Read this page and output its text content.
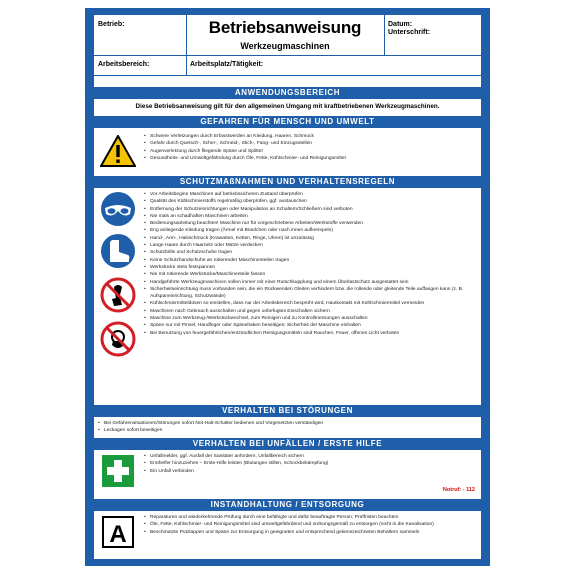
Betrieb:	Betriebsanweisung
Werkzeugmaschinen
Datum:
Unterschrift:
Arbeitsbereich:	Arbeitsplatz/Tätigkeit:
ANWENDUNGSBEREICH
Diese Betriebsanweisung gilt für den allgemeinen Umgang mit kraftbetriebenen Werkzeugmaschinen.
GEFAHREN FÜR MENSCH UND UMWELT
• Schwere Verletzungen durch Erfasstwerden an Kleidung, Haaren, Schmuck
• Gefahr durch Quetsch-, Scher-, Schneid-, Stich-, Fang- und Einzugsstellen
• Augenverletzung durch fliegende Späne und Splitter
• Gesundheits- und Umweltgefährdung durch Öle, Fette, Kühlschmier- und Reinigungsmittel
SCHUTZMAßNAHMEN UND VERHALTENSREGELN
• Vor Arbeitsbeginn Maschinen auf betriebssicheren Zustand überprüfen
• Qualität des Kühlschmierstoffs regelmäßig überprüfen, ggf. austauschen
• Entfernung der Schutzeinrichtungen oder Manipulation an Schaltern/Schließern sind verboten
• Nie mals an schadhaften Maschinen arbeiten
• Bedienungsanleitung beachten! Maschine nur für vorgeschriebene Arbeiten/Werkstoffe verwenden
• Eng anliegende Kleidung tragen (Ärmel mit Bündchen oder nach innen aufkrempeln)
• Hand-, Arm-, Halsschmuck (Krawatten, Ketten, Ringe, Uhren) ist unzulässig
• Lange Haare durch Haarnetz oder Mütze verdecken
• Schutzbrille und Schutzschuhe tragen
• Keine Schutzhandschuhe an rotierender Maschinenteilen tragen
• Werkstücke stets festspannen
• Nie mit rotierende Werkstücke/Maschinenteile fassen
• Handgeführte Werkzeugmaschinen sollen immer mit einer Rutschkupplung und einem Überlastschutz ausgestattet sein
• Sicherheitseinrichtung muss vorhanden sein, die ein Rückwenden Gleiten verhindern bzw. die rollende oder gleitende Teile auffangen kann (z. B. Aufspaneinrichtung, Schutzwände)
• Kühlschmiermitteldüsen so einstellen, dass nur der Arbeitsbereich besprüht wird, Hautkontakt mit Kühlschmiermittel vermeiden
• Maschinen nach Gebrauch ausschalten und gegen unbefugtes Einschalten sichern
• Maschine zum Werkzeug-/Werkstückwechsel, zum Reinigen und zu Kontrollmessungen ausschalten
• Späne nur mit Pinsel, Handfeger oder Spänehaken beseitigen; Sicherheit der Maschine einhalten
• Bei Benutzung von feuergefährlichen/entzündlichen Reinigungsmitteln sind Rauchen, Feuer, offenes Licht verboten
VERHALTEN BEI STÖRUNGEN
• Bei Gefahrensituationen/Störungen sofort Not-Halt-Schalter bedienen und Vorgesetzten verständigen
• Leckagen sofort beseitigen
VERHALTEN BEI UNFÄLLEN / ERSTE HILFE
• Unfallmelder, ggf. Ausfall der Sanitäter anfordern, Unfallbereich sichern
• Ersthelfer hinzuziehen – Erste-Hilfe leisten (Blutungen stillen, Schockbekämpfung)
• Ein Unfall verbinden
Notruf: - 112
INSTANDHALTUNG / ENTSORGUNG
A
• Reparaturen und wiederkehrende Prüfung durch eine befähigte und dafür beauftragte Person; Prüffristen beachten
• Öle, Fette, Kühlschmier- und Reinigungsmittel sind umweltgefährdend und ordnungsgemäß zu entsorgen (nicht in die Kanalisation)
• Beschmutzte Putzlappen und Späne zur Entsorgung in geeigneten und entsprechend gekennzeichneten Behältern sammeln
